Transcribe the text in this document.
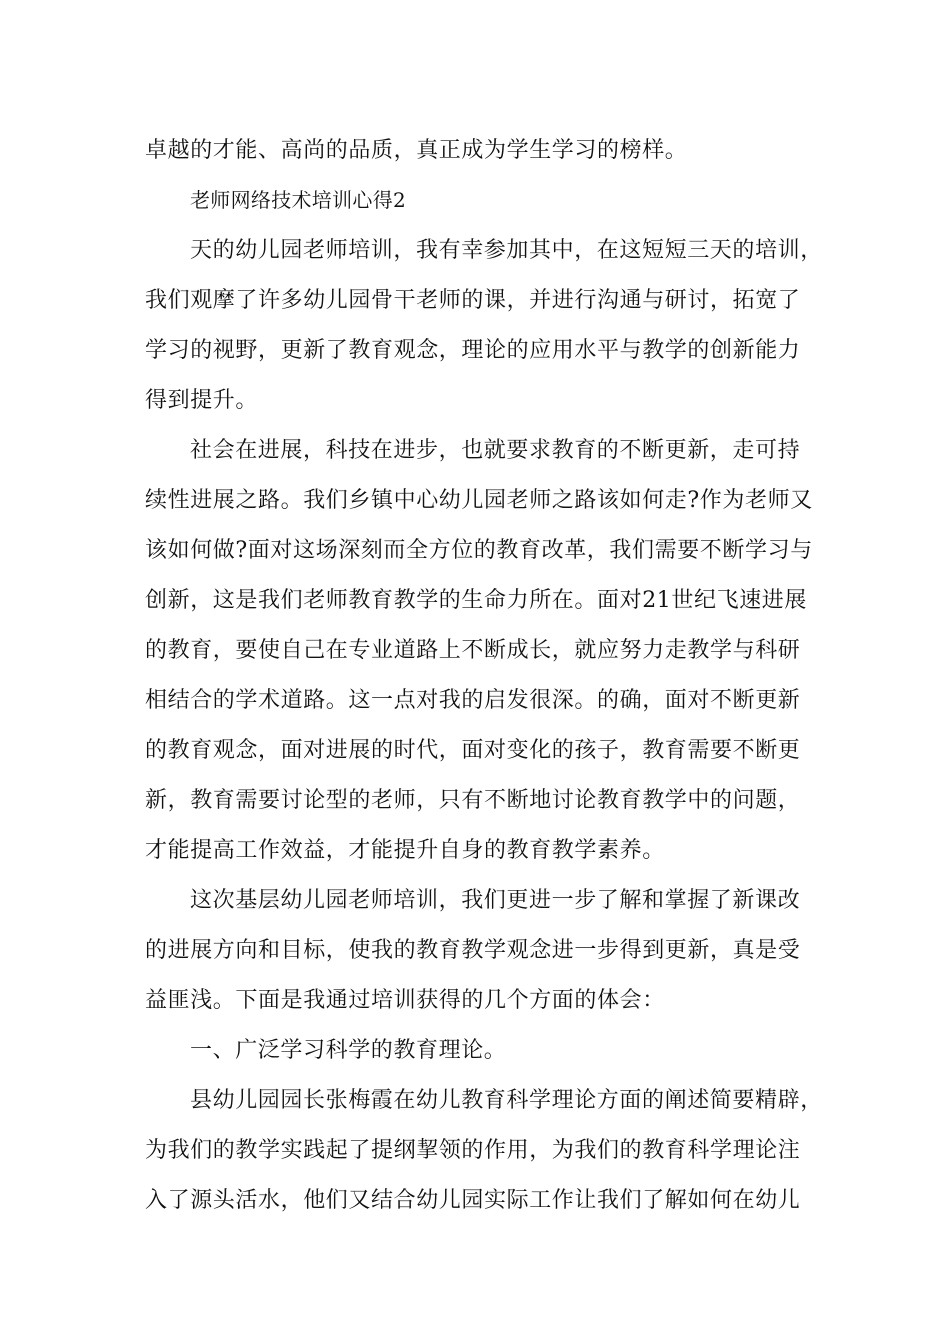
卓越的才能、高尚的品质，真正成为学生学习的榜样。
老师网络技术培训心得2
天的幼儿园老师培训，我有幸参加其中，在这短短三天的培训，
我们观摩了许多幼儿园骨干老师的课，并进行沟通与研讨，拓宽了
学习的视野，更新了教育观念，理论的应用水平与教学的创新能力
得到提升。
社会在进展，科技在进步，也就要求教育的不断更新，走可持
续性进展之路。我们乡镇中心幼儿园老师之路该如何走?作为老师又
该如何做?面对这场深刻而全方位的教育改革，我们需要不断学习与
创新，这是我们老师教育教学的生命力所在。面对21世纪飞速进展
的教育，要使自己在专业道路上不断成长，就应努力走教学与科研
相结合的学术道路。这一点对我的启发很深。的确，面对不断更新
的教育观念，面对进展的时代，面对变化的孩子，教育需要不断更
新，教育需要讨论型的老师，只有不断地讨论教育教学中的问题，
才能提高工作效益，才能提升自身的教育教学素养。
这次基层幼儿园老师培训，我们更进一步了解和掌握了新课改
的进展方向和目标，使我的教育教学观念进一步得到更新，真是受
益匪浅。下面是我通过培训获得的几个方面的体会：
一、广泛学习科学的教育理论。
县幼儿园园长张梅霞在幼儿教育科学理论方面的阐述简要精辟，
为我们的教学实践起了提纲挈领的作用，为我们的教育科学理论注
入了源头活水，他们又结合幼儿园实际工作让我们了解如何在幼儿
